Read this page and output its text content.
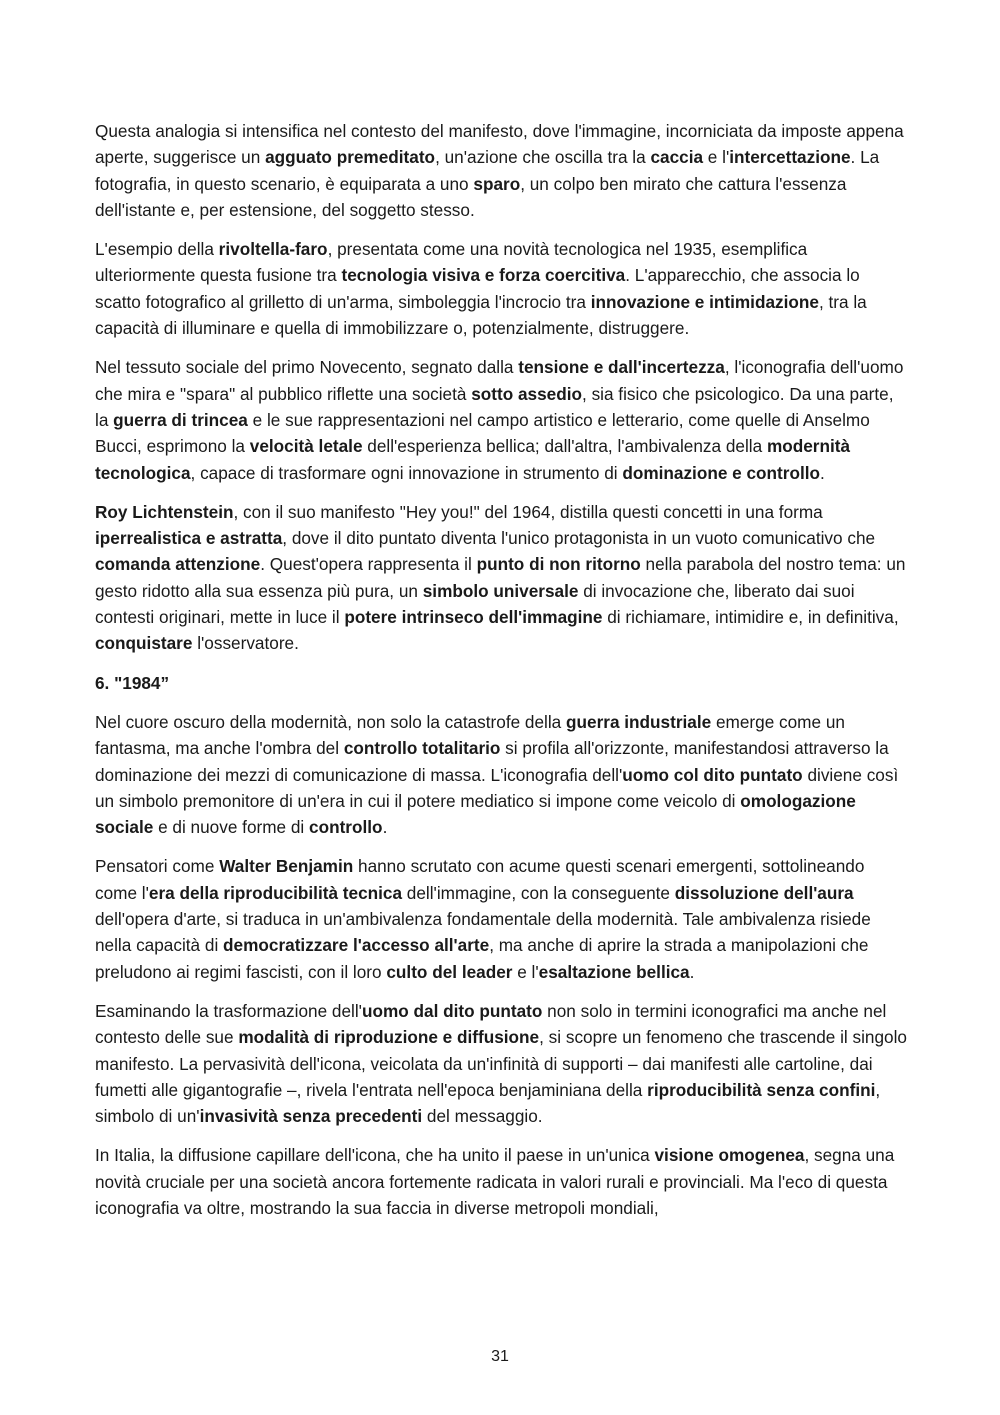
Questa analogia si intensifica nel contesto del manifesto, dove l'immagine, incorniciata da imposte appena aperte, suggerisce un agguato premeditato, un'azione che oscilla tra la caccia e l'intercettazione. La fotografia, in questo scenario, è equiparata a uno sparo, un colpo ben mirato che cattura l'essenza dell'istante e, per estensione, del soggetto stesso.

L'esempio della rivoltella-faro, presentata come una novità tecnologica nel 1935, esemplifica ulteriormente questa fusione tra tecnologia visiva e forza coercitiva. L'apparecchio, che associa lo scatto fotografico al grilletto di un'arma, simboleggia l'incrocio tra innovazione e intimidazione, tra la capacità di illuminare e quella di immobilizzare o, potenzialmente, distruggere.

Nel tessuto sociale del primo Novecento, segnato dalla tensione e dall'incertezza, l'iconografia dell'uomo che mira e "spara" al pubblico riflette una società sotto assedio, sia fisico che psicologico. Da una parte, la guerra di trincea e le sue rappresentazioni nel campo artistico e letterario, come quelle di Anselmo Bucci, esprimono la velocità letale dell'esperienza bellica; dall'altra, l'ambivalenza della modernità tecnologica, capace di trasformare ogni innovazione in strumento di dominazione e controllo.

Roy Lichtenstein, con il suo manifesto "Hey you!" del 1964, distilla questi concetti in una forma iperrealistica e astratta, dove il dito puntato diventa l'unico protagonista in un vuoto comunicativo che comanda attenzione. Quest'opera rappresenta il punto di non ritorno nella parabola del nostro tema: un gesto ridotto alla sua essenza più pura, un simbolo universale di invocazione che, liberato dai suoi contesti originari, mette in luce il potere intrinseco dell'immagine di richiamare, intimidire e, in definitiva, conquistare l'osservatore.

6. "1984”

Nel cuore oscuro della modernità, non solo la catastrofe della guerra industriale emerge come un fantasma, ma anche l'ombra del controllo totalitario si profila all'orizzonte, manifestandosi attraverso la dominazione dei mezzi di comunicazione di massa. L'iconografia dell'uomo col dito puntato diviene così un simbolo premonitore di un'era in cui il potere mediatico si impone come veicolo di omologazione sociale e di nuove forme di controllo.

Pensatori come Walter Benjamin hanno scrutato con acume questi scenari emergenti, sottolineando come l'era della riproducibilità tecnica dell'immagine, con la conseguente dissoluzione dell'aura dell'opera d'arte, si traduca in un'ambivalenza fondamentale della modernità. Tale ambivalenza risiede nella capacità di democratizzare l'accesso all'arte, ma anche di aprire la strada a manipolazioni che preludono ai regimi fascisti, con il loro culto del leader e l'esaltazione bellica.

Esaminando la trasformazione dell'uomo dal dito puntato non solo in termini iconografici ma anche nel contesto delle sue modalità di riproduzione e diffusione, si scopre un fenomeno che trascende il singolo manifesto. La pervasività dell'icona, veicolata da un'infinità di supporti – dai manifesti alle cartoline, dai fumetti alle gigantografie –, rivela l'entrata nell'epoca benjaminiana della riproducibilità senza confini, simbolo di un'invasività senza precedenti del messaggio.

In Italia, la diffusione capillare dell'icona, che ha unito il paese in un'unica visione omogenea, segna una novità cruciale per una società ancora fortemente radicata in valori rurali e provinciali. Ma l'eco di questa iconografia va oltre, mostrando la sua faccia in diverse metropoli mondiali,

31
